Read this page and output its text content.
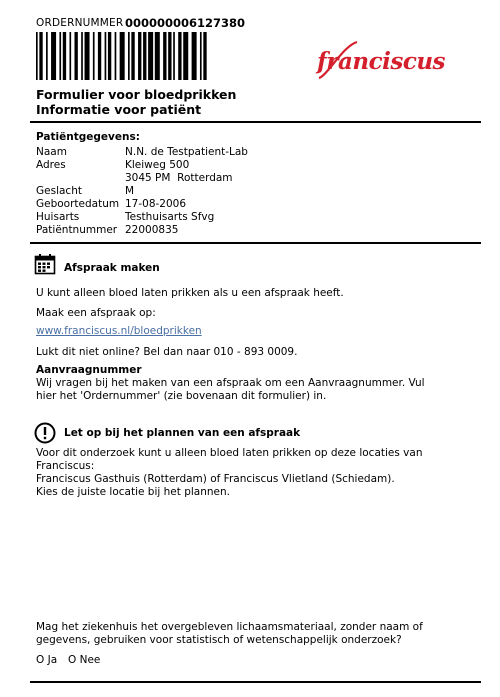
ORDERNUMMER 000000006127380
franciscus
Formulier voor bloedprikken
Informatie voor patiënt
Patiëntgegevens:
Naam	N.N. de Testpatient-Lab
Adres	Kleiweg 500
3045 PM  Rotterdam
Geslacht	M
Geboortedatum 17-08-2006
Huisarts	Testhuisarts Sfvg
Patiëntnummer 22000835
Afspraak maken
U kunt alleen bloed laten prikken als u een afspraak heeft.
Maak een afspraak op:
www.franciscus.nl/bloedprikken
Lukt dit niet online? Bel dan naar 010 - 893 0009.
Aanvraagnummer
Wij vragen bij het maken van een afspraak om een Aanvraagnummer. Vul
hier het 'Ordernummer' (zie bovenaan dit formulier) in.
Let op bij het plannen van een afspraak
Voor dit onderzoek kunt u alleen bloed laten prikken op deze locaties van
Franciscus:
Franciscus Gasthuis (Rotterdam) of Franciscus Vlietland (Schiedam).
Kies de juiste locatie bij het plannen.
Mag het ziekenhuis het overgebleven lichaamsmateriaal, zonder naam of
gegevens, gebruiken voor statistisch of wetenschappelijk onderzoek?
O Ja O Nee
